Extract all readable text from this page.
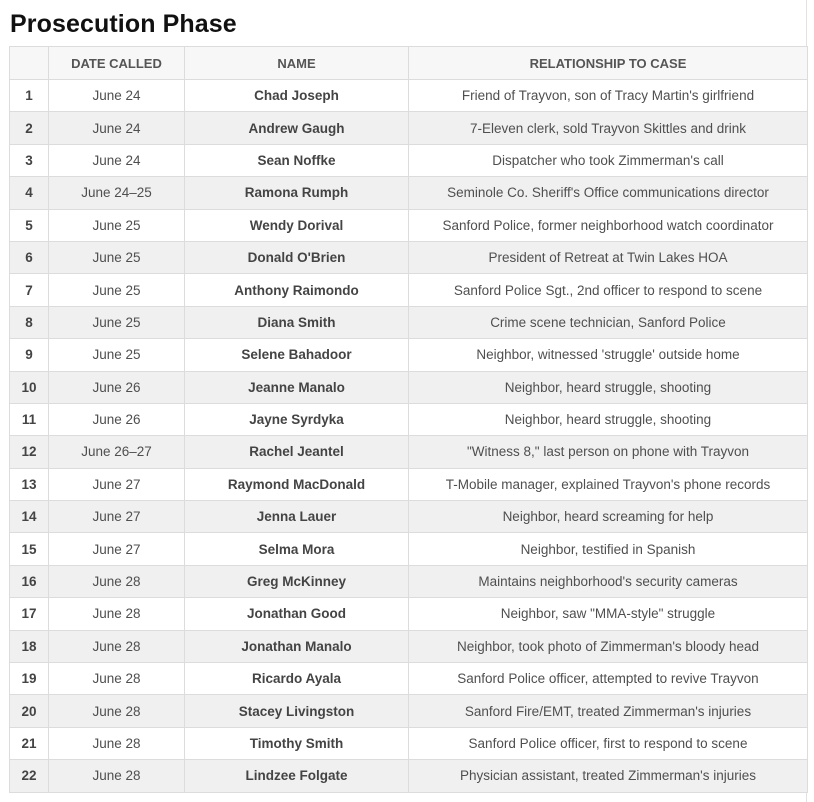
Prosecution Phase
	DATE CALLED	NAME	RELATIONSHIP TO CASE
1	June 24	Chad Joseph	Friend of Trayvon, son of Tracy Martin's girlfriend
2	June 24	Andrew Gaugh	7-Eleven clerk, sold Trayvon Skittles and drink
3	June 24	Sean Noffke	Dispatcher who took Zimmerman's call
4	June 24–25	Ramona Rumph	Seminole Co. Sheriff's Office communications director
5	June 25	Wendy Dorival	Sanford Police, former neighborhood watch coordinator
6	June 25	Donald O'Brien	President of Retreat at Twin Lakes HOA
7	June 25	Anthony Raimondo	Sanford Police Sgt., 2nd officer to respond to scene
8	June 25	Diana Smith	Crime scene technician, Sanford Police
9	June 25	Selene Bahadoor	Neighbor, witnessed 'struggle' outside home
10	June 26	Jeanne Manalo	Neighbor, heard struggle, shooting
11	June 26	Jayne Syrdyka	Neighbor, heard struggle, shooting
12	June 26–27	Rachel Jeantel	"Witness 8," last person on phone with Trayvon
13	June 27	Raymond MacDonald	T-Mobile manager, explained Trayvon's phone records
14	June 27	Jenna Lauer	Neighbor, heard screaming for help
15	June 27	Selma Mora	Neighbor, testified in Spanish
16	June 28	Greg McKinney	Maintains neighborhood's security cameras
17	June 28	Jonathan Good	Neighbor, saw "MMA-style" struggle
18	June 28	Jonathan Manalo	Neighbor, took photo of Zimmerman's bloody head
19	June 28	Ricardo Ayala	Sanford Police officer, attempted to revive Trayvon
20	June 28	Stacey Livingston	Sanford Fire/EMT, treated Zimmerman's injuries
21	June 28	Timothy Smith	Sanford Police officer, first to respond to scene
22	June 28	Lindzee Folgate	Physician assistant, treated Zimmerman's injuries
